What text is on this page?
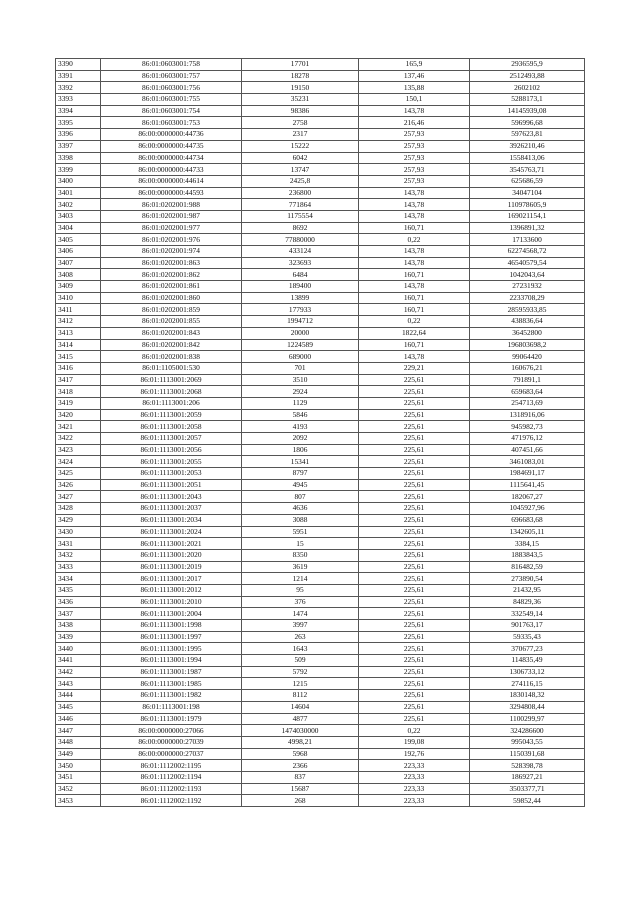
3390	86:01:0603001:758	17701	165,9	2936595,9
3391	86:01:0603001:757	18278	137,46	2512493,88
3392	86:01:0603001:756	19150	135,88	2602102
3393	86:01:0603001:755	35231	150,1	5288173,1
3394	86:01:0603001:754	98386	143,78	14145939,08
3395	86:01:0603001:753	2758	216,46	596996,68
3396	86:00:0000000:44736	2317	257,93	597623,81
3397	86:00:0000000:44735	15222	257,93	3926210,46
3398	86:00:0000000:44734	6042	257,93	1558413,06
3399	86:00:0000000:44733	13747	257,93	3545763,71
3400	86:00:0000000:44614	2425,8	257,93	625686,59
3401	86:00:0000000:44593	236800	143,78	34047104
3402	86:01:0202001:988	771864	143,78	110978605,9
3403	86:01:0202001:987	1175554	143,78	169021154,1
3404	86:01:0202001:977	8692	160,71	1396891,32
3405	86:01:0202001:976	77880000	0,22	17133600
3406	86:01:0202001:974	433124	143,78	62274568,72
3407	86:01:0202001:863	323693	143,78	46540579,54
3408	86:01:0202001:862	6484	160,71	1042043,64
3409	86:01:0202001:861	189400	143,78	27231932
3410	86:01:0202001:860	13899	160,71	2233708,29
3411	86:01:0202001:859	177933	160,71	28595933,85
3412	86:01:0202001:855	1994712	0,22	438836,64
3413	86:01:0202001:843	20000	1822,64	36452800
3414	86:01:0202001:842	1224589	160,71	196803698,2
3415	86:01:0202001:838	689000	143,78	99064420
3416	86:01:1105001:530	701	229,21	160676,21
3417	86:01:1113001:2069	3510	225,61	791891,1
3418	86:01:1113001:2068	2924	225,61	659683,64
3419	86:01:1113001:206	1129	225,61	254713,69
3420	86:01:1113001:2059	5846	225,61	1318916,06
3421	86:01:1113001:2058	4193	225,61	945982,73
3422	86:01:1113001:2057	2092	225,61	471976,12
3423	86:01:1113001:2056	1806	225,61	407451,66
3424	86:01:1113001:2055	15341	225,61	3461083,01
3425	86:01:1113001:2053	8797	225,61	1984691,17
3426	86:01:1113001:2051	4945	225,61	1115641,45
3427	86:01:1113001:2043	807	225,61	182067,27
3428	86:01:1113001:2037	4636	225,61	1045927,96
3429	86:01:1113001:2034	3088	225,61	696683,68
3430	86:01:1113001:2024	5951	225,61	1342605,11
3431	86:01:1113001:2021	15	225,61	3384,15
3432	86:01:1113001:2020	8350	225,61	1883843,5
3433	86:01:1113001:2019	3619	225,61	816482,59
3434	86:01:1113001:2017	1214	225,61	273890,54
3435	86:01:1113001:2012	95	225,61	21432,95
3436	86:01:1113001:2010	376	225,61	84829,36
3437	86:01:1113001:2004	1474	225,61	332549,14
3438	86:01:1113001:1998	3997	225,61	901763,17
3439	86:01:1113001:1997	263	225,61	59335,43
3440	86:01:1113001:1995	1643	225,61	370677,23
3441	86:01:1113001:1994	509	225,61	114835,49
3442	86:01:1113001:1987	5792	225,61	1306733,12
3443	86:01:1113001:1985	1215	225,61	274116,15
3444	86:01:1113001:1982	8112	225,61	1830148,32
3445	86:01:1113001:198	14604	225,61	3294808,44
3446	86:01:1113001:1979	4877	225,61	1100299,97
3447	86:00:0000000:27066	1474030000	0,22	324286600
3448	86:00:0000000:27039	4998,21	199,08	995043,55
3449	86:00:0000000:27037	5968	192,76	1150391,68
3450	86:01:1112002:1195	2366	223,33	528398,78
3451	86:01:1112002:1194	837	223,33	186927,21
3452	86:01:1112002:1193	15687	223,33	3503377,71
3453	86:01:1112002:1192	268	223,33	59852,44
